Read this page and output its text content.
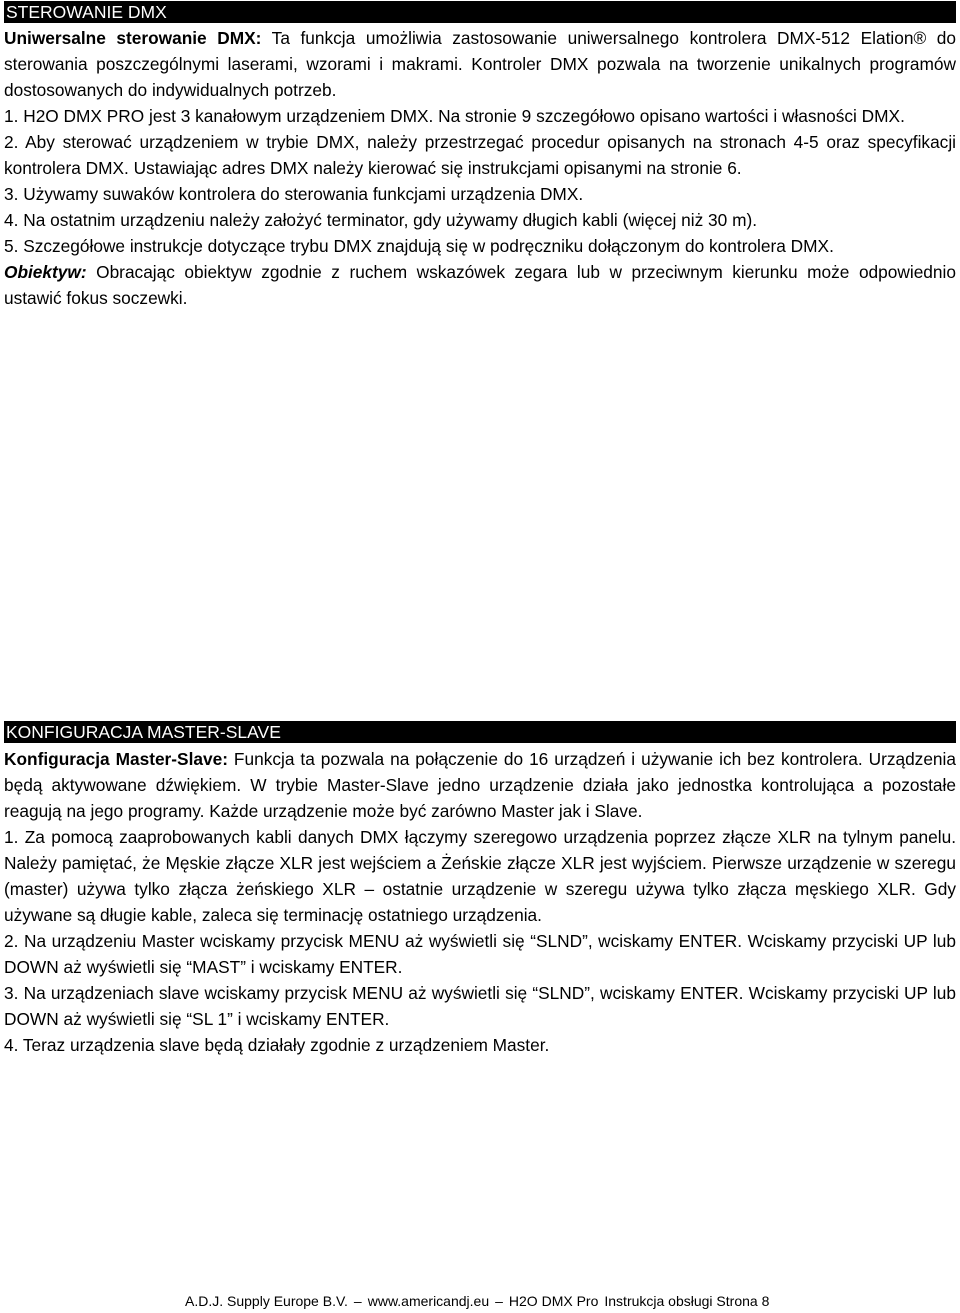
STEROWANIE DMX

Uniwersalne sterowanie DMX: Ta funkcja umożliwia zastosowanie uniwersalnego kontrolera DMX-512 Elation® do sterowania poszczególnymi laserami, wzorami i makrami. Kontroler DMX pozwala na tworzenie unikalnych programów dostosowanych do indywidualnych potrzeb.

1. H2O DMX PRO jest 3 kanałowym urządzeniem DMX. Na stronie 9 szczegółowo opisano wartości i własności DMX.

2. Aby sterować urządzeniem w trybie DMX, należy przestrzegać procedur opisanych na stronach 4-5 oraz specyfikacji kontrolera DMX. Ustawiając adres DMX należy kierować się instrukcjami opisanymi na stronie 6.

3. Używamy suwaków kontrolera do sterowania funkcjami urządzenia DMX.

4. Na ostatnim urządzeniu należy założyć terminator, gdy używamy długich kabli (więcej niż 30 m).

5. Szczegółowe instrukcje dotyczące trybu DMX znajdują się w podręczniku dołączonym do kontrolera DMX.

Obiektyw: Obracając obiektyw zgodnie z ruchem wskazówek zegara lub w przeciwnym kierunku może odpowiednio ustawić fokus soczewki.

KONFIGURACJA MASTER-SLAVE

Konfiguracja Master-Slave: Funkcja ta pozwala na połączenie do 16 urządzeń i używanie ich bez kontrolera. Urządzenia będą aktywowane dźwiękiem. W trybie Master-Slave jedno urządzenie działa jako jednostka kontrolująca a pozostałe reagują na jego programy. Każde urządzenie może być zarówno Master jak i Slave.

1. Za pomocą zaaprobowanych kabli danych DMX łączymy szeregowo urządzenia poprzez złącze XLR na tylnym panelu. Należy pamiętać, że Męskie złącze XLR jest wejściem a Żeńskie złącze XLR jest wyjściem. Pierwsze urządzenie w szeregu (master) używa tylko złącza żeńskiego XLR – ostatnie urządzenie w szeregu używa tylko złącza męskiego XLR. Gdy używane są długie kable, zaleca się terminację ostatniego urządzenia.

2. Na urządzeniu Master wciskamy przycisk MENU aż wyświetli się “SLND”, wciskamy ENTER. Wciskamy przyciski UP lub DOWN aż wyświetli się “MAST” i wciskamy ENTER.

3. Na urządzeniach slave wciskamy przycisk MENU aż wyświetli się “SLND”, wciskamy ENTER. Wciskamy przyciski UP lub DOWN aż wyświetli się “SL 1” i wciskamy ENTER.

4. Teraz urządzenia slave będą działały zgodnie z urządzeniem Master.

A.D.J. Supply Europe B.V. – www.americandj.eu – H2O DMX Pro Instrukcja obsługi Strona 8
